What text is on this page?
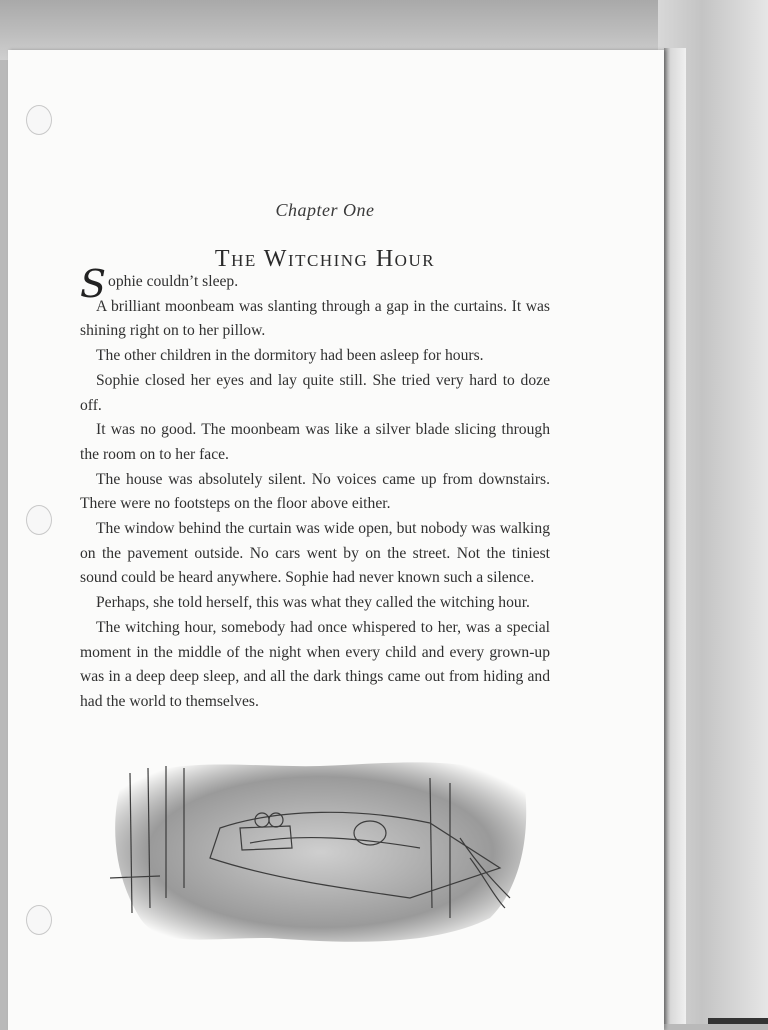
Chapter One
The Witching Hour

Sophie couldn’t sleep.

A brilliant moonbeam was slanting through a gap in the curtains. It was shining right on to her pillow.

The other children in the dormitory had been asleep for hours.

Sophie closed her eyes and lay quite still. She tried very hard to doze off.

It was no good. The moonbeam was like a silver blade slicing through the room on to her face.

The house was absolutely silent. No voices came up from downstairs. There were no footsteps on the floor above either.

The window behind the curtain was wide open, but nobody was walking on the pavement outside. No cars went by on the street. Not the tiniest sound could be heard anywhere. Sophie had never known such a silence.

Perhaps, she told herself, this was what they called the witching hour.

The witching hour, somebody had once whispered to her, was a special moment in the middle of the night when every child and every grown-up was in a deep deep sleep, and all the dark things came out from hiding and had the world to themselves.
